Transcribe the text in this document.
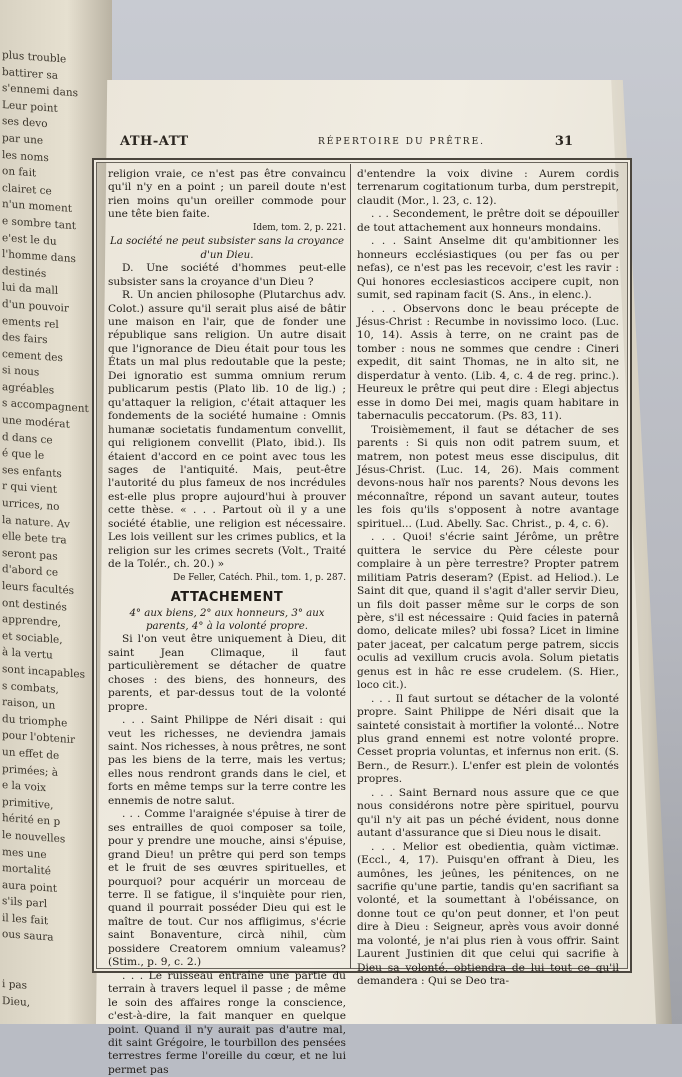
plus trouble
battirer sa
s'ennemi dans
Leur point
ses devo
par une
les noms
on fait
clairet ce
n'un moment
e sombre tant
e'est le du
l'homme dans
destinés
lui da mall
d'un pouvoir
ements rel
des fairs
cement des
si nous
agréables
s accompagnent
une modérat
d dans ce
é que le
ses enfants
r qui vient
urrices, no
la nature. Av
elle bete tra
seront pas
d'abord ce
leurs facultés
ont destinés
apprendre,
et sociable,
à la vertu
sont incapables
s combats,
raison, un
du triomphe
pour l'obtenir
un effet de
primées; à
e la voix
primitive,
hérité en p
le nouvelles
mes une
mortalité
aura point
s'ils parl
il les fait
ous saura

i pas
Dieu,
ATH-ATT	RÉPERTOIRE DU PRÊTRE.	31

religion vraie, ce n'est pas être convaincu qu'il n'y en a point ; un pareil doute n'est rien moins qu'un oreiller commode pour une tête bien faite.

Idem, tom. 2, p. 221.

La société ne peut subsister sans la croyance d'un Dieu.

D. Une société d'hommes peut-elle subsister sans la croyance d'un Dieu ?

R. Un ancien philosophe (Plutarchus adv. Colot.) assure qu'il serait plus aisé de bâtir une maison en l'air, que de fonder une république sans religion. Un autre disait que l'ignorance de Dieu était pour tous les États un mal plus redoutable que la peste; Dei ignoratio est summa omnium rerum publicarum pestis (Plato lib. 10 de lig.) ; qu'attaquer la religion, c'était attaquer les fondements de la société humaine : Omnis humanæ societatis fundamentum convellit, qui religionem convellit (Plato, ibid.). Ils étaient d'accord en ce point avec tous les sages de l'antiquité. Mais, peut-être l'autorité du plus fameux de nos incrédules est-elle plus propre aujourd'hui à prouver cette thèse. « . . . Partout où il y a une société établie, une religion est nécessaire. Les lois veillent sur les crimes publics, et la religion sur les crimes secrets (Volt., Traité de la Tolér., ch. 20.) »

De Feller, Catéch. Phil., tom. 1, p. 287.

ATTACHEMENT

4° aux biens, 2° aux honneurs, 3° aux parents, 4° à la volonté propre.

Si l'on veut être uniquement à Dieu, dit saint Jean Climaque, il faut particulièrement se détacher de quatre choses : des biens, des honneurs, des parents, et par-dessus tout de la volonté propre.

. . . Saint Philippe de Néri disait : qui veut les richesses, ne deviendra jamais saint. Nos richesses, à nous prêtres, ne sont pas les biens de la terre, mais les vertus; elles nous rendront grands dans le ciel, et forts en même temps sur la terre contre les ennemis de notre salut.

. . . Comme l'araignée s'épuise à tirer de ses entrailles de quoi composer sa toile, pour y prendre une mouche, ainsi s'épuise, grand Dieu! un prêtre qui perd son temps et le fruit de ses œuvres spirituelles, et pourquoi? pour acquérir un morceau de terre. Il se fatigue, il s'inquiète pour rien, quand il pourrait posséder Dieu qui est le maître de tout. Cur nos affligimus, s'écrie saint Bonaventure, circà nihil, cùm possidere Creatorem omnium valeamus? (Stim., p. 9, c. 2.)

. . . Le ruisseau entraîne une partie du terrain à travers lequel il passe ; de même le soin des affaires ronge la conscience, c'est-à-dire, la fait manquer en quelque point. Quand il n'y aurait pas d'autre mal, dit saint Grégoire, le tourbillon des pensées terrestres ferme l'oreille du cœur, et ne lui permet pas

d'entendre la voix divine : Aurem cordis terrenarum cogitationum turba, dum perstrepit, claudit (Mor., l. 23, c. 12).

. . . Secondement, le prêtre doit se dépouiller de tout attachement aux honneurs mondains.

. . . Saint Anselme dit qu'ambitionner les honneurs ecclésiastiques (ou per fas ou per nefas), ce n'est pas les recevoir, c'est les ravir : Qui honores ecclesiasticos accipere cupit, non sumit, sed rapinam facit (S. Ans., in elenc.).

. . . Observons donc le beau précepte de Jésus-Christ : Recumbe in novissimo loco. (Luc. 10, 14). Assis à terre, on ne craint pas de tomber : nous ne sommes que cendre : Cineri expedit, dit saint Thomas, ne in alto sit, ne disperdatur à vento. (Lib. 4, c. 4 de reg. princ.). Heureux le prêtre qui peut dire : Elegi abjectus esse in domo Dei mei, magis quam habitare in tabernaculis peccatorum. (Ps. 83, 11).

Troisièmement, il faut se détacher de ses parents : Si quis non odit patrem suum, et matrem, non potest meus esse discipulus, dit Jésus-Christ. (Luc. 14, 26). Mais comment devons-nous haïr nos parents? Nous devons les méconnaître, répond un savant auteur, toutes les fois qu'ils s'opposent à notre avantage spirituel... (Lud. Abelly. Sac. Christ., p. 4, c. 6).

. . . Quoi! s'écrie saint Jérôme, un prêtre quittera le service du Père céleste pour complaire à un père terrestre? Propter patrem militiam Patris deseram? (Epist. ad Heliod.). Le Saint dit que, quand il s'agit d'aller servir Dieu, un fils doit passer même sur le corps de son père, s'il est nécessaire : Quid facies in paternâ domo, delicate miles? ubi fossa? Licet in limine pater jaceat, per calcatum perge patrem, siccis oculis ad vexillum crucis avola. Solum pietatis genus est in hâc re esse crudelem. (S. Hier., loco cit.).

. . . Il faut surtout se détacher de la volonté propre. Saint Philippe de Néri disait que la sainteté consistait à mortifier la volonté... Notre plus grand ennemi est notre volonté propre. Cesset propria voluntas, et infernus non erit. (S. Bern., de Resurr.). L'enfer est plein de volontés propres.

. . . Saint Bernard nous assure que ce que nous considérons notre père spirituel, pourvu qu'il n'y ait pas un péché évident, nous donne autant d'assurance que si Dieu nous le disait.

. . . Melior est obedientia, quàm victimæ. (Eccl., 4, 17). Puisqu'en offrant à Dieu, les aumônes, les jeûnes, les pénitences, on ne sacrifie qu'une partie, tandis qu'en sacrifiant sa volonté, et la soumettant à l'obéissance, on donne tout ce qu'on peut donner, et l'on peut dire à Dieu : Seigneur, après vous avoir donné ma volonté, je n'ai plus rien à vous offrir. Saint Laurent Justinien dit que celui qui sacrifie à Dieu sa volonté, obtiendra de lui tout ce qu'il demandera : Qui se Deo tra-
